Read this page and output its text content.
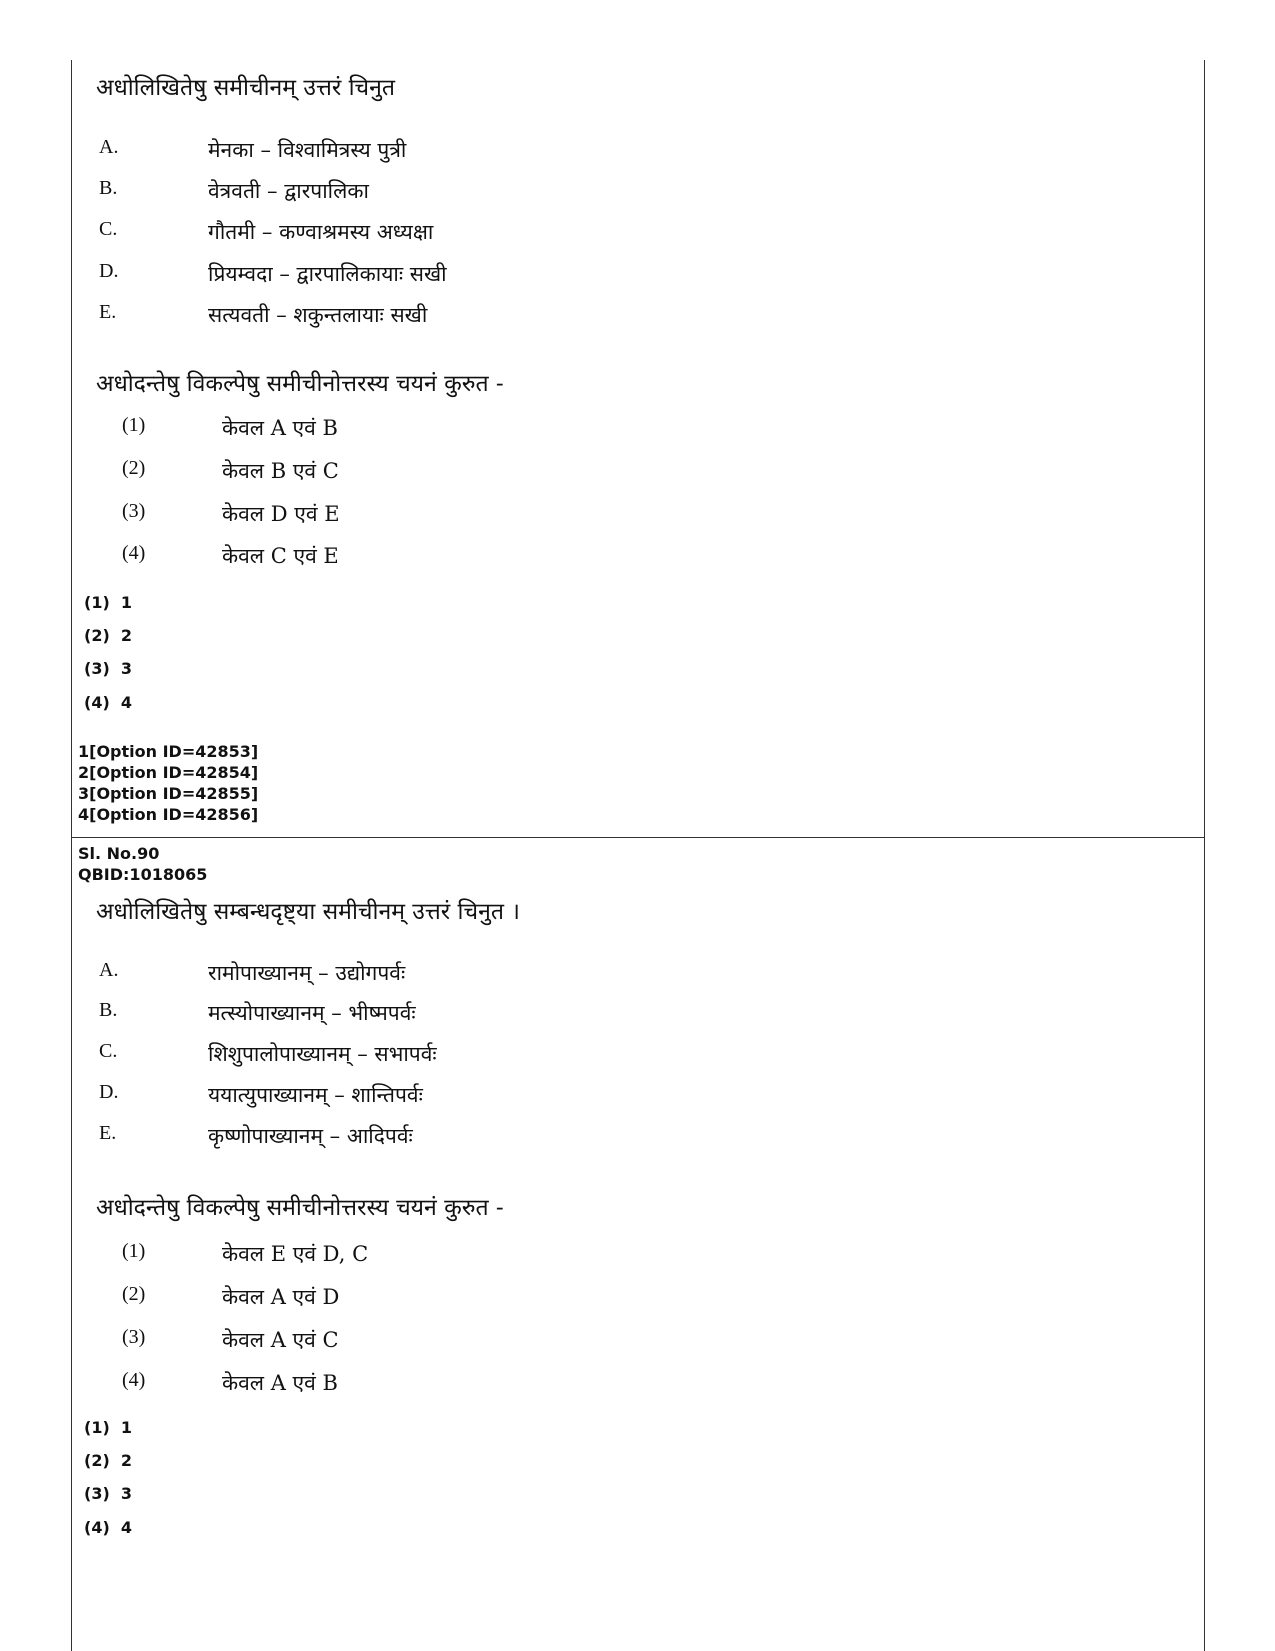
अधोलिखितेषु समीचीनम् उत्तरं चिनुत
A.	मेनका – विश्वामित्रस्य पुत्री
B.	वेत्रवती – द्वारपालिका
C.	गौतमी – कण्वाश्रमस्य अध्यक्षा
D.	प्रियम्वदा – द्वारपालिकायाः सखी
E.	सत्यवती – शकुन्तलायाः सखी
अधोदन्तेषु विकल्पेषु समीचीनोत्तरस्य चयनं कुरुत -
(1)	केवल A एवं B
(2)	केवल B एवं C
(3)	केवल D एवं E
(4)	केवल C एवं E
(1) 1
(2) 2
(3) 3
(4) 4
1[Option ID=42853]
2[Option ID=42854]
3[Option ID=42855]
4[Option ID=42856]
Sl. No.90
QBID:1018065
अधोलिखितेषु सम्बन्धदृष्ट्या समीचीनम् उत्तरं चिनुत ।
A.	रामोपाख्यानम् – उद्योगपर्वः
B.	मत्स्योपाख्यानम् – भीष्मपर्वः
C.	शिशुपालोपाख्यानम् – सभापर्वः
D.	ययात्युपाख्यानम् – शान्तिपर्वः
E.	कृष्णोपाख्यानम् – आदिपर्वः
अधोदन्तेषु विकल्पेषु समीचीनोत्तरस्य चयनं कुरुत -
(1)	केवल E एवं D, C
(2)	केवल A एवं D
(3)	केवल A एवं C
(4)	केवल A एवं B
(1) 1
(2) 2
(3) 3
(4) 4
